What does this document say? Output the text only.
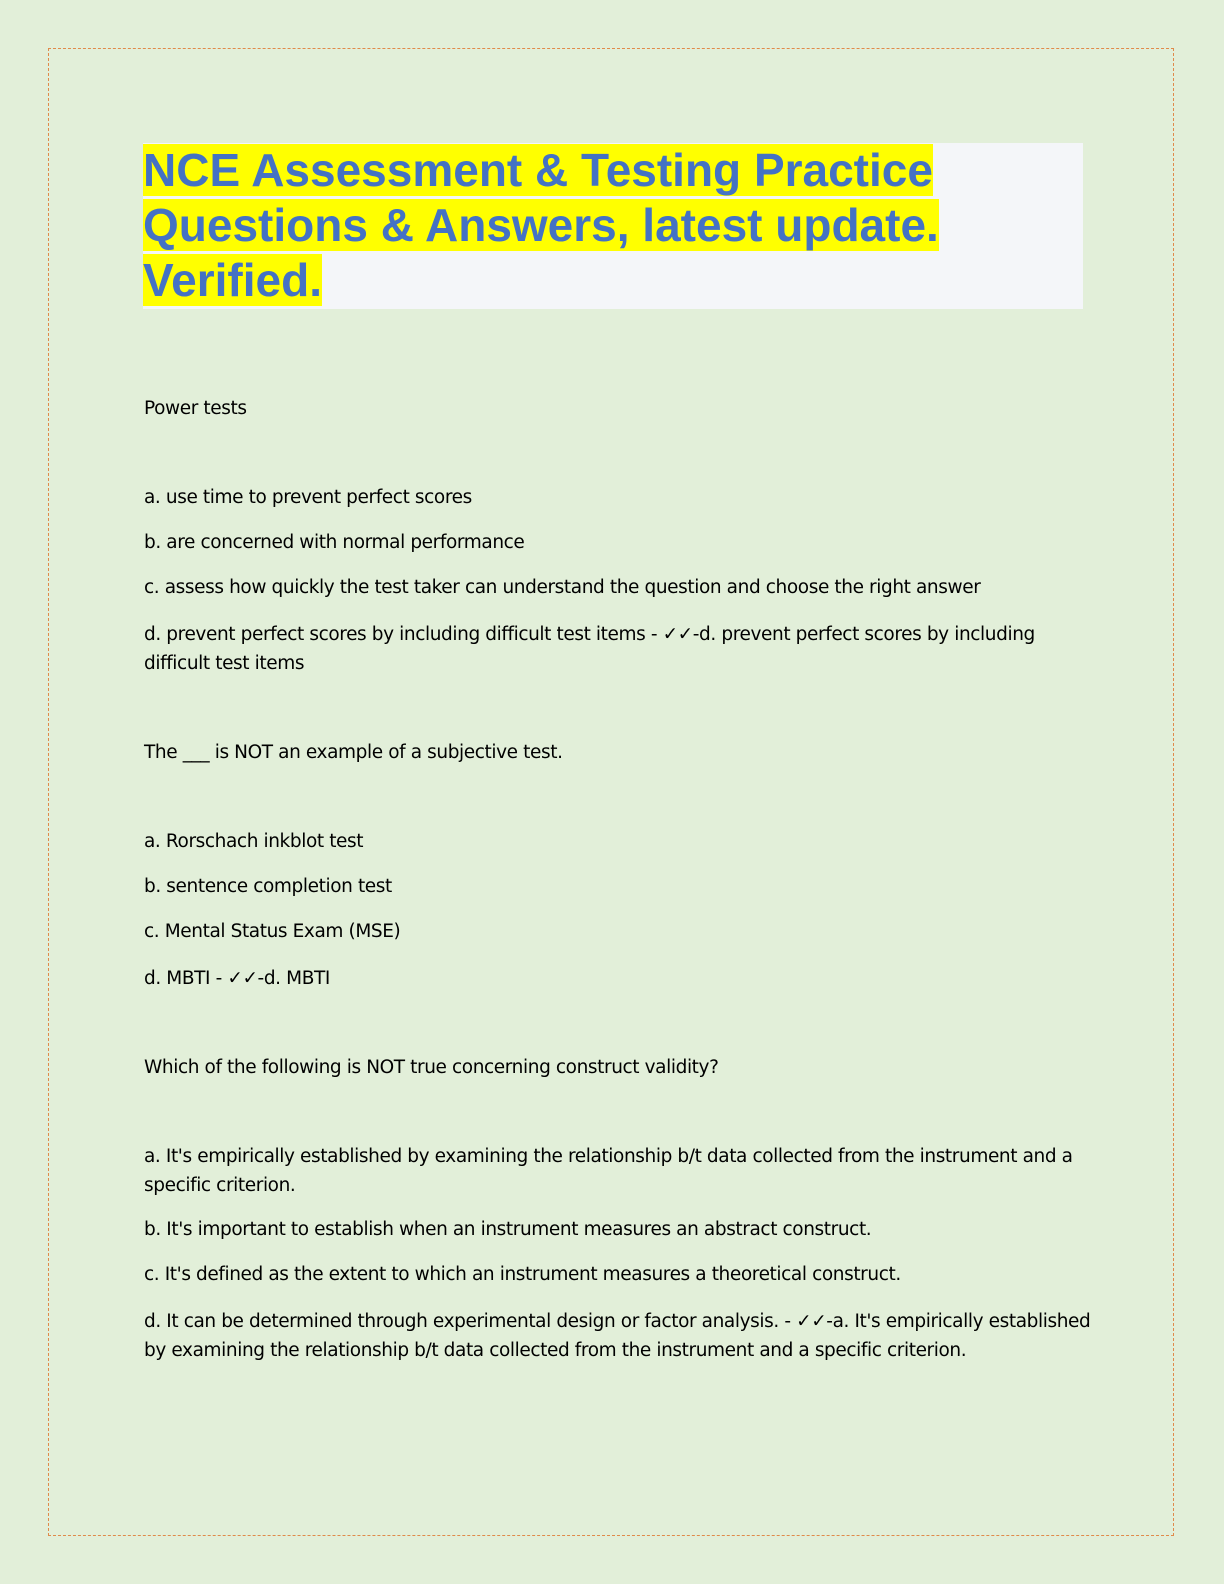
NCE Assessment & Testing Practice Questions & Answers, latest update. Verified.

Power tests

a. use time to prevent perfect scores

b. are concerned with normal performance

c. assess how quickly the test taker can understand the question and choose the right answer

d. prevent perfect scores by including difficult test items - ✓✓-d. prevent perfect scores by including difficult test items

The ___ is NOT an example of a subjective test.

a. Rorschach inkblot test

b. sentence completion test

c. Mental Status Exam (MSE)

d. MBTI - ✓✓-d. MBTI

Which of the following is NOT true concerning construct validity?

a. It's empirically established by examining the relationship b/t data collected from the instrument and a specific criterion.

b. It's important to establish when an instrument measures an abstract construct.

c. It's defined as the extent to which an instrument measures a theoretical construct.

d. It can be determined through experimental design or factor analysis. - ✓✓-a. It's empirically established by examining the relationship b/t data collected from the instrument and a specific criterion.
